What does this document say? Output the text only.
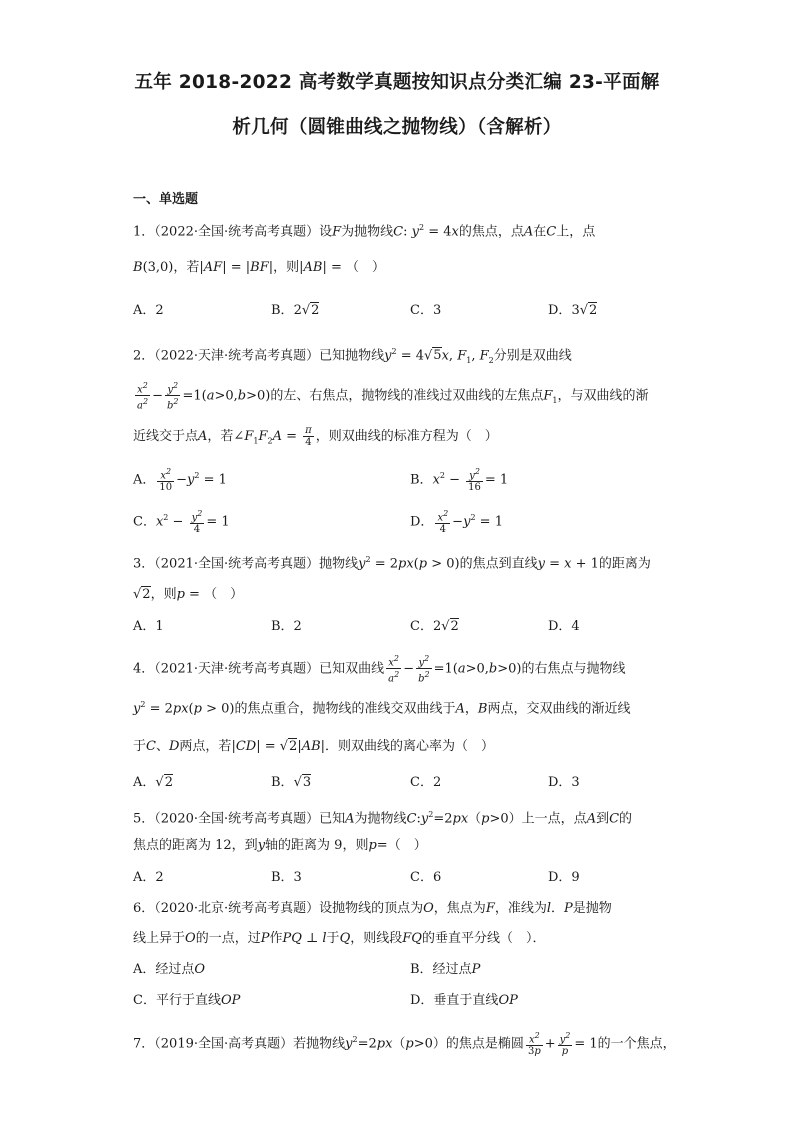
五年 2018-2022 高考数学真题按知识点分类汇编 23-平面解
析几何（圆锥曲线之抛物线）（含解析）
一、单选题
1．（2022·全国·统考高考真题）设F为抛物线C: $y^2 = 4x$的焦点，点A在C上，点
B(3,0)，若|AF| = |BF|，则|AB| = （　）
A．2	B．2√2	C．3	D．3√2
2．（2022·天津·统考高考真题）已知抛物线$y^2 = 4√5x$, $F_1$, $F_2$分别是双曲线
$\frac{x^2}{a^2} - \frac{y^2}{b^2} =1(a>0,b>0)$的左、右焦点，抛物线的准线过双曲线的左焦点$F_1$，与双曲线的渐
近线交于点A，若$\angle F_1F_2A = \frac{\pi}{4}$ ，则双曲线的标准方程为（　）
A． $\frac{x^2}{10} -y^2 = 1$	B．$x^2 - \frac{y^2}{16} = 1$
C．$x^2 - \frac{y^2}{4} = 1$	D． $\frac{x^2}{4} -y^2 = 1$
3．（2021·全国·统考高考真题）抛物线$y^2 = 2px(p > 0)$的焦点到直线y = x + 1的距离为
√2，则p = （　）
A．1	B．2	C．2√2	D．4
4．（2021·天津·统考高考真题）已知双曲线 $\frac{x^2}{a^2} - \frac{y^2}{b^2} =1(a>0,b>0)$的右焦点与抛物线
$y^2 = 2px(p > 0)$的焦点重合，抛物线的准线交双曲线于A，B两点，交双曲线的渐近线
于C、D两点，若|CD| = √2|AB|．则双曲线的离心率为（　）
A．√2	B．√3	C．2	D．3
5．（2020·全国·统考高考真题）已知A为抛物线$C:y^2=2px(p>0)$上一点，点A到C的
焦点的距离为 12，到y轴的距离为 9，则p=（　）
A．2	B．3	C．6	D．9
6．（2020·北京·统考高考真题）设抛物线的顶点为O，焦点为F，准线为l．P是抛物
线上异于O的一点，过P作PQ ⊥ l于Q，则线段FQ的垂直平分线（　）．
A．经过点O	B．经过点P
C．平行于直线OP	D．垂直于直线OP
7．（2019·全国·高考真题）若抛物线$y^2=2px(p>0)$的焦点是椭圆 $\frac{x^2}{3p} + \frac{y^2}{p} = 1$的一个焦点，
